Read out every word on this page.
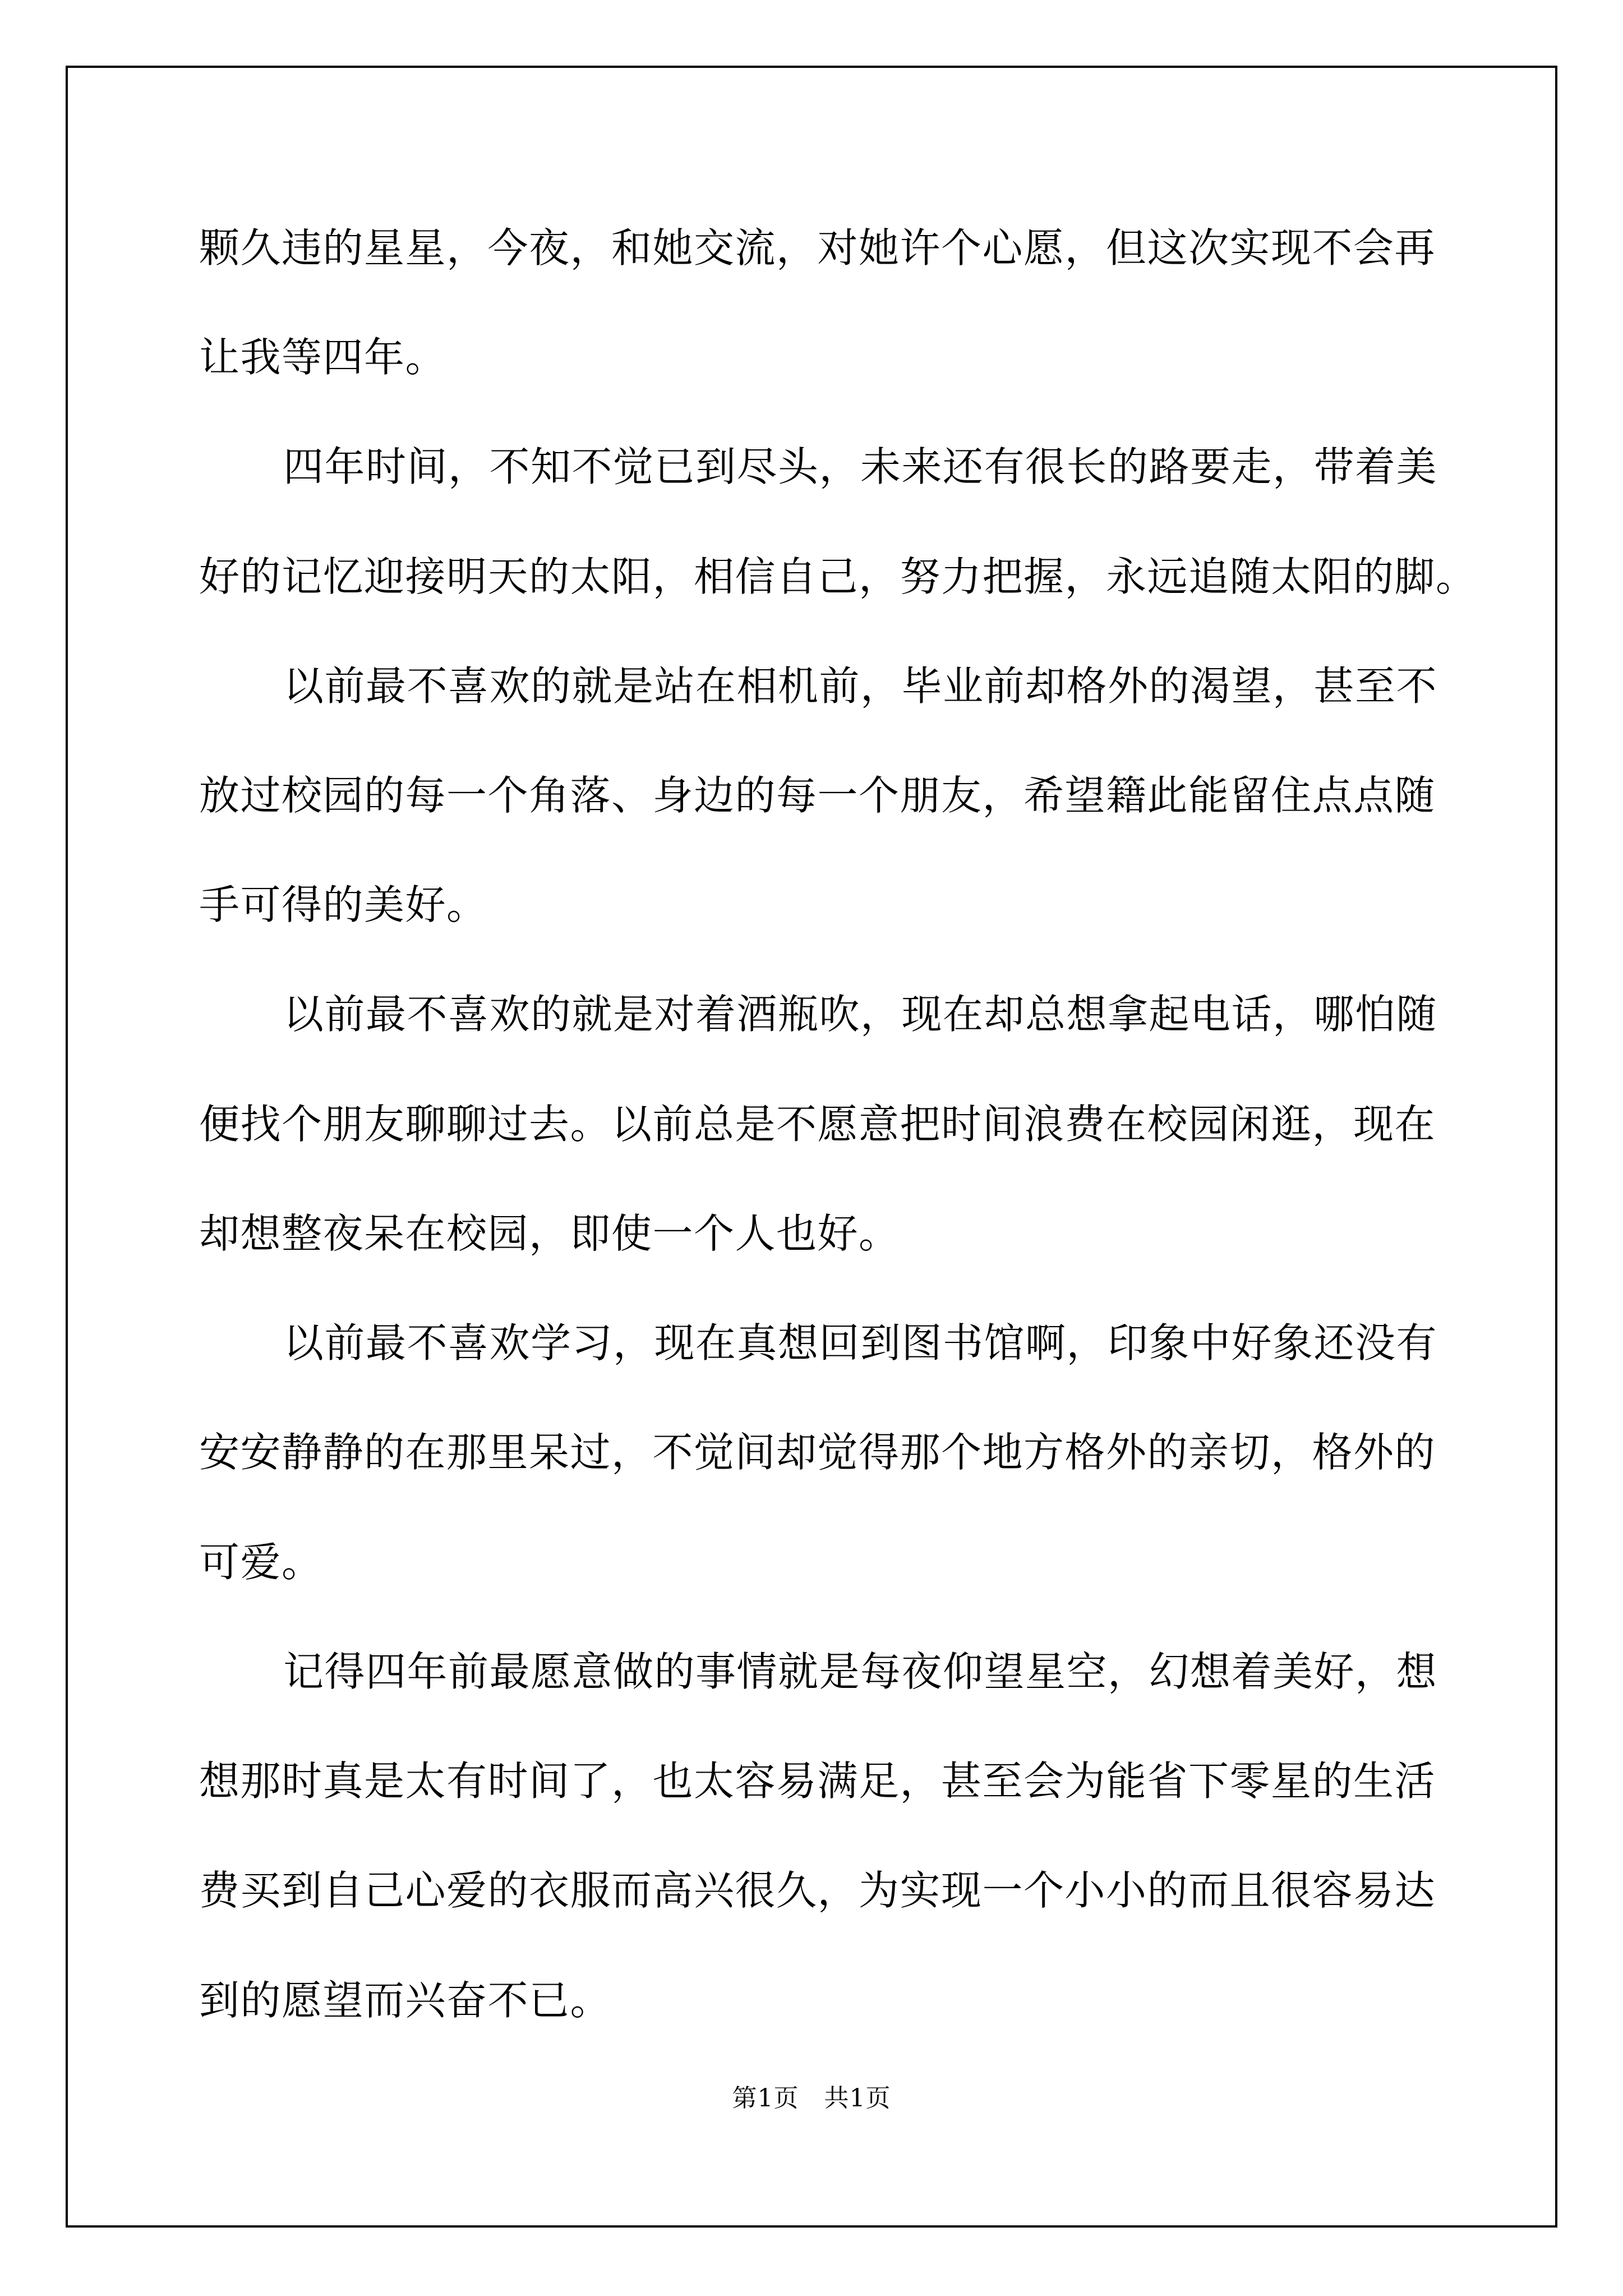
颗久违的星星，今夜，和她交流，对她许个心愿，但这次实现不会再
让我等四年。
四年时间，不知不觉已到尽头，未来还有很长的路要走，带着美
好的记忆迎接明天的太阳，相信自己，努力把握，永远追随太阳的脚。
以前最不喜欢的就是站在相机前，毕业前却格外的渴望，甚至不
放过校园的每一个角落、身边的每一个朋友，希望籍此能留住点点随
手可得的美好。
以前最不喜欢的就是对着酒瓶吹，现在却总想拿起电话，哪怕随
便找个朋友聊聊过去。以前总是不愿意把时间浪费在校园闲逛，现在
却想整夜呆在校园，即使一个人也好。
以前最不喜欢学习，现在真想回到图书馆啊，印象中好象还没有
安安静静的在那里呆过，不觉间却觉得那个地方格外的亲切，格外的
可爱。
记得四年前最愿意做的事情就是每夜仰望星空，幻想着美好，想
想那时真是太有时间了，也太容易满足，甚至会为能省下零星的生活
费买到自己心爱的衣服而高兴很久，为实现一个小小的而且很容易达
到的愿望而兴奋不已。
第1页 共1页
